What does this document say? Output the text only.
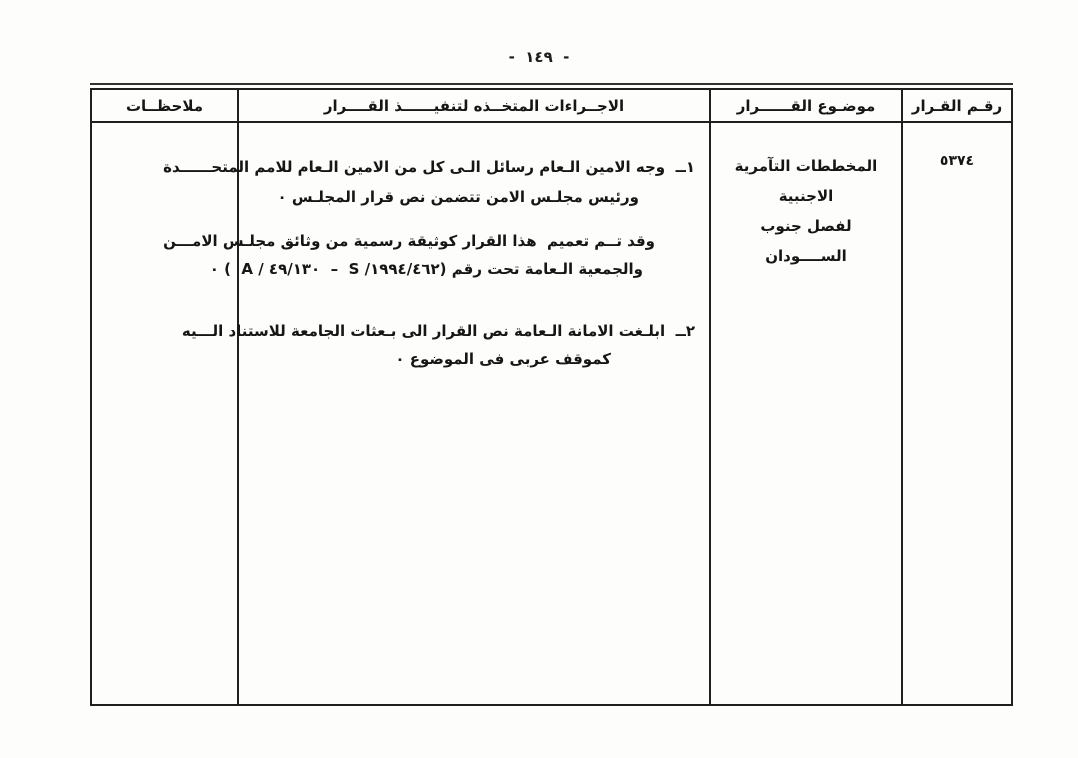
-  ١٤٩  -
رقـم القـرار
٥٣٧٤
موضـوع القــــــرار
المخططات التآمرية الاجنبية
لفصل جنوب الســــودان
الاجــراءات المتخــذه لتنفيــــــذ القــــرار
١ــ  وجه الامين الـعام رسائل الـى كل من الامين الـعام للامم المتحــــــدة
ورئيس مجلـس الامن تتضمن نص قرار المجلـس ٠
وقد تــم تعميم  هذا القرار كوثيقة رسمية من وثائق مجلـس الامـــن
والجمعية الـعامة تحت رقم ‪(  A / ٤٩/١٣٠  –  S /١٩٩٤/٤٦٢)‬ ٠
٢ــ  ابلـغت الامانة الـعامة نص القرار الى بـعثات الجامعة للاستناد الـــيه
كموقف عربى فى الموضوع ٠
ملاحظــات
